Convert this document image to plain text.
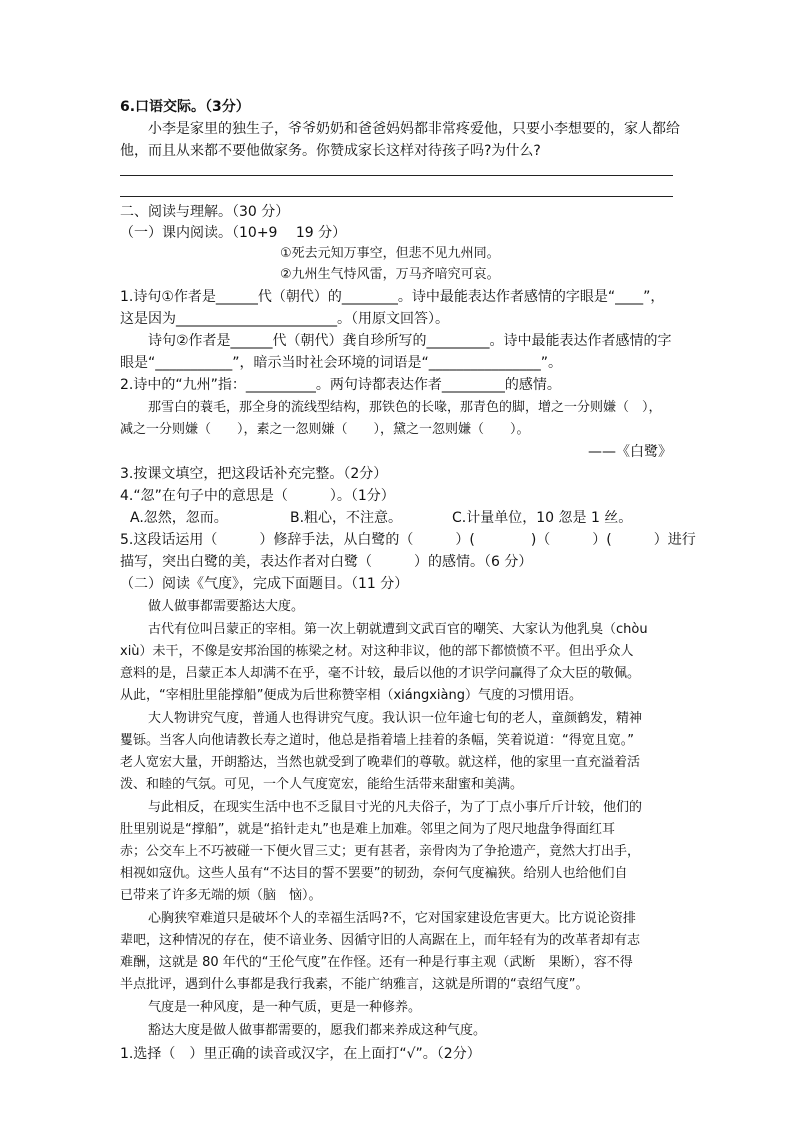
6.口语交际。（3分）
小李是家里的独生子，爷爷奶奶和爸爸妈妈都非常疼爱他，只要小李想要的，家人都给
他，而且从来都不要他做家务。你赞成家长这样对待孩子吗?为什么?
二、阅读与理解。（30 分）
（一）课内阅读。（10+9　 19 分）
①死去元知万事空，但悲不见九州同。
②九州生气恃风雷，万马齐喑究可哀。
1.诗句①作者是______代（朝代）的________。诗中最能表达作者感情的字眼是“____”，
这是因为_______________________。（用原文回答）。
诗句②作者是______代（朝代）龚自珍所写的_________。诗中最能表达作者感情的字
眼是“___________”，暗示当时社会环境的词语是“________________”。
2.诗中的“九州”指：__________。两句诗都表达作者_________的感情。
那雪白的蓑毛，那全身的流线型结构，那铁色的长喙，那青色的脚，增之一分则嫌（　），
减之一分则嫌（　　），素之一忽则嫌（　　），黛之一忽则嫌（　　）。
——《白鹭》
3.按课文填空，把这段话补充完整。（2分）
4.“忽”在句子中的意思是（　　　）。（1分）
A.忽然，忽而。	B.粗心，不注意。	C.计量单位，10 忽是 1 丝。
5.这段话运用（　　　）修辞手法，从白鹭的（　　　）(　　　　)（　　　）(　　　）进行
描写，突出白鹭的美，表达作者对白鹭（　　　）的感情。（6 分）
（二）阅读《气度》，完成下面题目。（11 分）
做人做事都需要豁达大度。
古代有位叫吕蒙正的宰相。第一次上朝就遭到文武百官的嘲笑、大家认为他乳臭（chòu
xiù）未干，不像是安邦治国的栋梁之材。对这种非议，他的部下都愤愤不平。但出乎众人
意料的是，吕蒙正本人却满不在乎，毫不计较，最后以他的才识学问赢得了众大臣的敬佩。
从此，“宰相肚里能撑船”便成为后世称赞宰相（xiángxiàng）气度的习惯用语。
大人物讲究气度，普通人也得讲究气度。我认识一位年逾七旬的老人，童颜鹤发，精神
矍铄。当客人向他请教长寿之道时，他总是指着墙上挂着的条幅，笑着说道：“得宽且宽。”
老人宽宏大量，开朗豁达，当然也就受到了晚辈们的尊敬。就这样，他的家里一直充溢着活
泼、和睦的气氛。可见，一个人气度宽宏，能给生活带来甜蜜和美满。
与此相反，在现实生活中也不乏鼠目寸光的凡夫俗子，为了丁点小事斤斤计较，他们的
肚里别说是“撑船”，就是“掐针走丸”也是难上加难。邻里之间为了咫尺地盘争得面红耳
赤；公交车上不巧被碰一下便火冒三丈；更有甚者，亲骨肉为了争抢遗产，竟然大打出手，
相视如寇仇。这些人虽有“不达目的誓不罢要”的韧劲，奈何气度褊狭。给别人也给他们自
已带来了许多无端的烦（脑　恼）。
心胸狭窄难道只是破坏个人的幸福生活吗?不，它对国家建设危害更大。比方说论资排
辈吧，这种情况的存在，使不谙业务、因循守旧的人高踞在上，而年轻有为的改革者却有志
难酬，这就是 80 年代的“王伦气度”在作怪。还有一种是行事主观（武断　果断），容不得
半点批评，遇到什么事都是我行我素，不能广纳雅言，这就是所谓的“袁绍气度”。
气度是一种风度，是一种气质，更是一种修养。
豁达大度是做人做事都需要的，愿我们都来养成这种气度。
1.选择（　）里正确的读音或汉字，在上面打“√”。（2分）
